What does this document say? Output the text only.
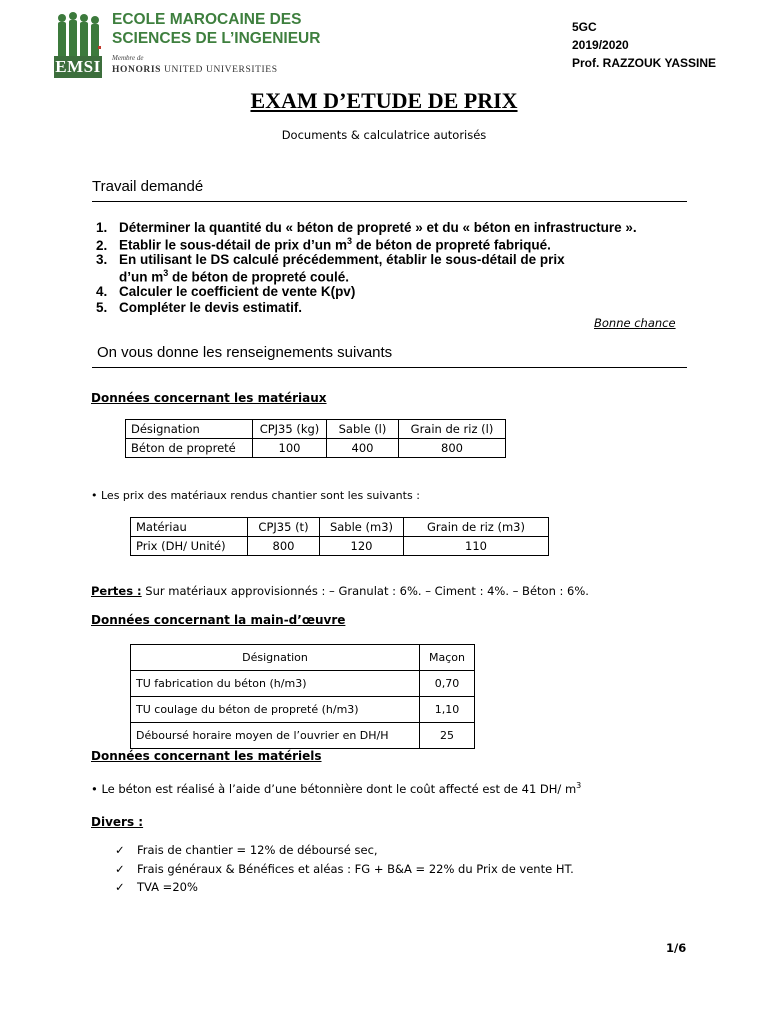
EMSI
ECOLE MAROCAINE DES
SCIENCES DE L’INGENIEUR
Membre de
HONORIS UNITED UNIVERSITIES
5GC
2019/2020
Prof. RAZZOUK YASSINE
EXAM D’ETUDE DE PRIX
Documents & calculatrice autorisés
Travail demandé
1. Déterminer la quantité du « béton de propreté » et du « béton en infrastructure ».
2. Etablir le sous-détail de prix d’un $m^3$ de béton de propreté fabriqué.
3. En utilisant le DS calculé précédemment, établir le sous-détail de prix
d’un $m^3$ de béton de propreté coulé.
4. Calculer le coefficient de vente K(pv)
5. Compléter le devis estimatif.
Bonne chance
On vous donne les renseignements suivants
Données concernant les matériaux
Désignation	CPJ35 (kg)	Sable (l)	Grain de riz (l)
Béton de propreté	100	400	800
• Les prix des matériaux rendus chantier sont les suivants :
Matériau	CPJ35 (t)	Sable (m3)	Grain de riz (m3)
Prix (DH/ Unité)	800	120	110
Pertes : Sur matériaux approvisionnés : – Granulat : 6%. – Ciment : 4%. – Béton : 6%.
Données concernant la main-d’œuvre
Désignation	Maçon
TU fabrication du béton (h/m3)	0,70
TU coulage du béton de propreté (h/m3)	1,10
Déboursé horaire moyen de l’ouvrier en DH/H	25
Données concernant les matériels
• Le béton est réalisé à l’aide d’une bétonnière dont le coût affecté est de 41 DH/ $m^3$
Divers :
✓ Frais de chantier = 12% de déboursé sec,
✓ Frais généraux & Bénéfices et aléas : FG + B&A = 22% du Prix de vente HT.
✓ TVA =20%
1/6
